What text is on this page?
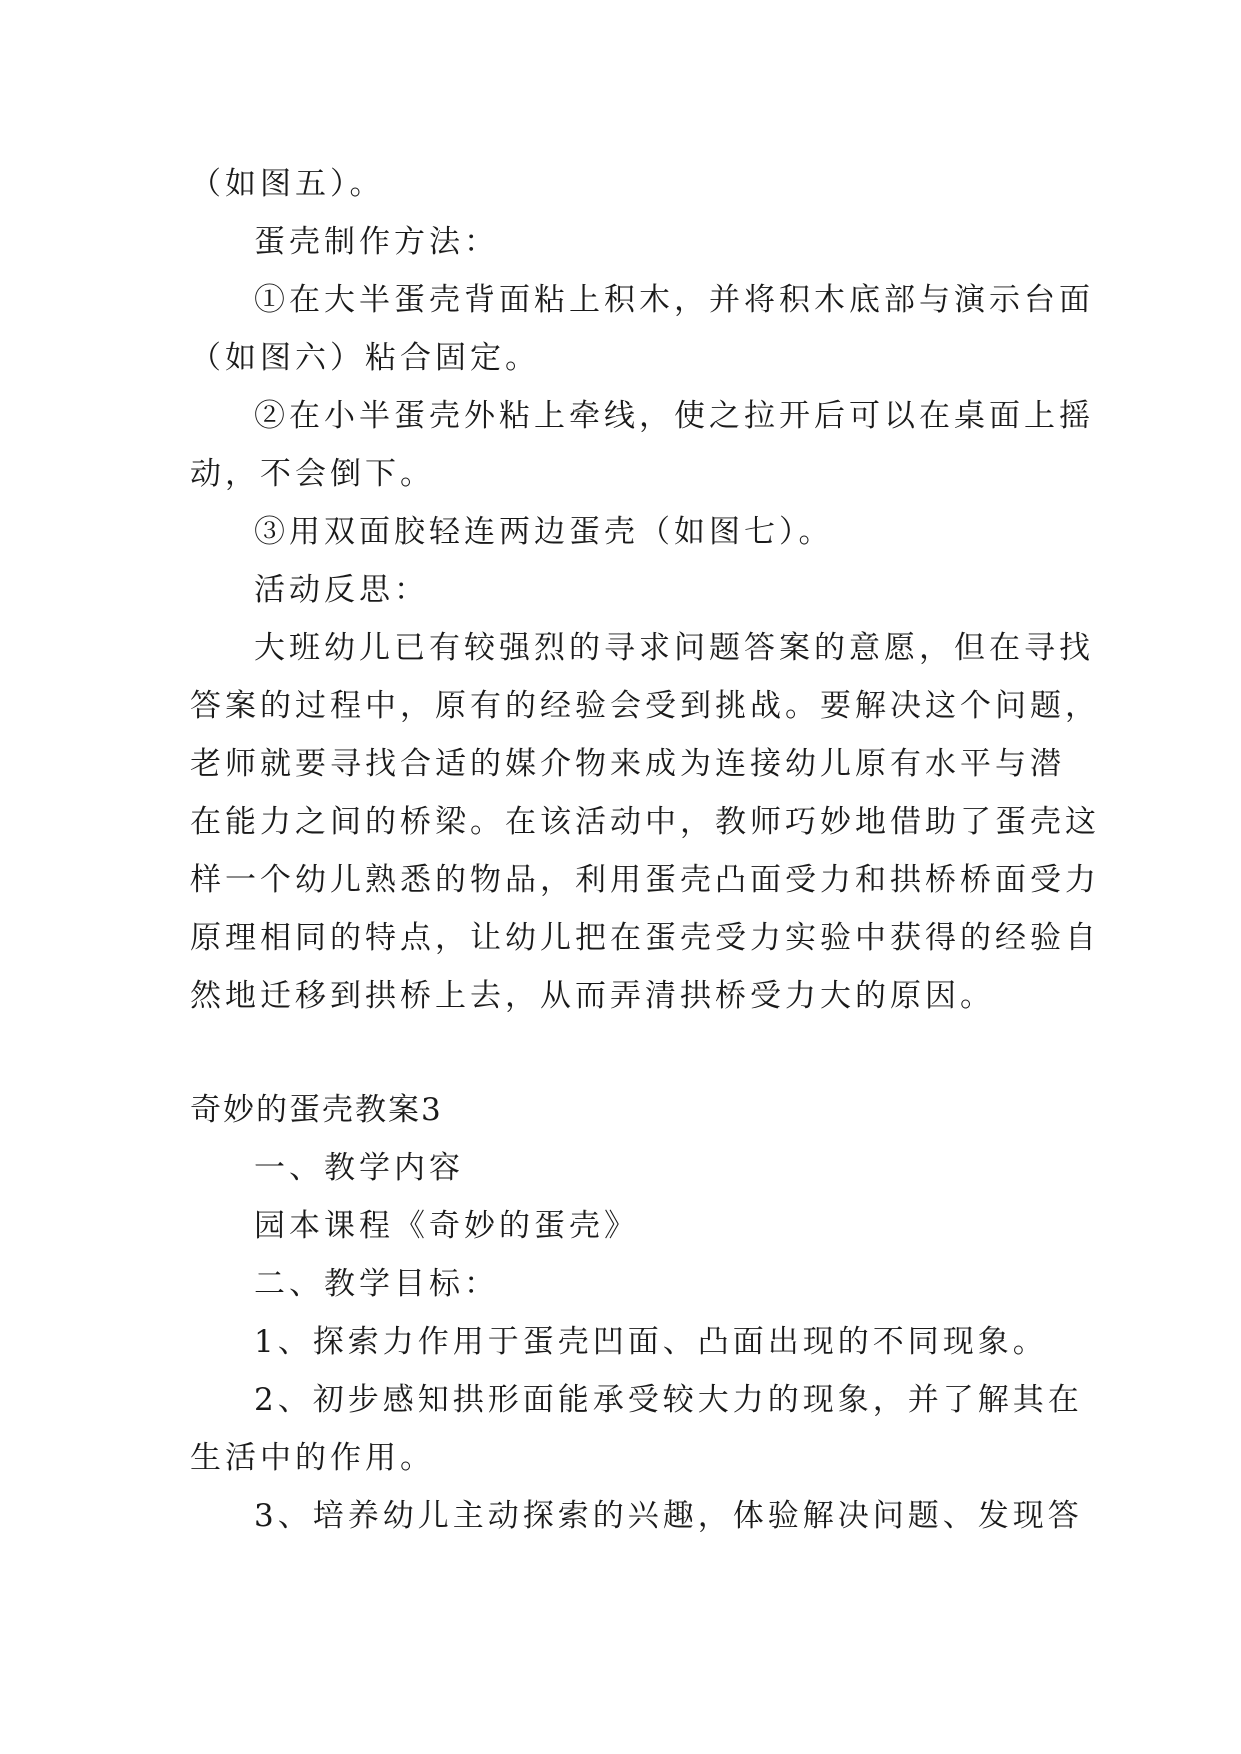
（如图五）。
蛋壳制作方法：
①在大半蛋壳背面粘上积木，并将积木底部与演示台面
（如图六）粘合固定。
②在小半蛋壳外粘上牵线，使之拉开后可以在桌面上摇
动，不会倒下。
③用双面胶轻连两边蛋壳（如图七）。
活动反思：
大班幼儿已有较强烈的寻求问题答案的意愿，但在寻找
答案的过程中，原有的经验会受到挑战。要解决这个问题，
老师就要寻找合适的媒介物来成为连接幼儿原有水平与潜
在能力之间的桥梁。在该活动中，教师巧妙地借助了蛋壳这
样一个幼儿熟悉的物品，利用蛋壳凸面受力和拱桥桥面受力
原理相同的特点，让幼儿把在蛋壳受力实验中获得的经验自
然地迁移到拱桥上去，从而弄清拱桥受力大的原因。
奇妙的蛋壳教案3
一、教学内容
园本课程《奇妙的蛋壳》
二、教学目标：
1、探索力作用于蛋壳凹面、凸面出现的不同现象。
2、初步感知拱形面能承受较大力的现象，并了解其在
生活中的作用。
3、培养幼儿主动探索的兴趣，体验解决问题、发现答
